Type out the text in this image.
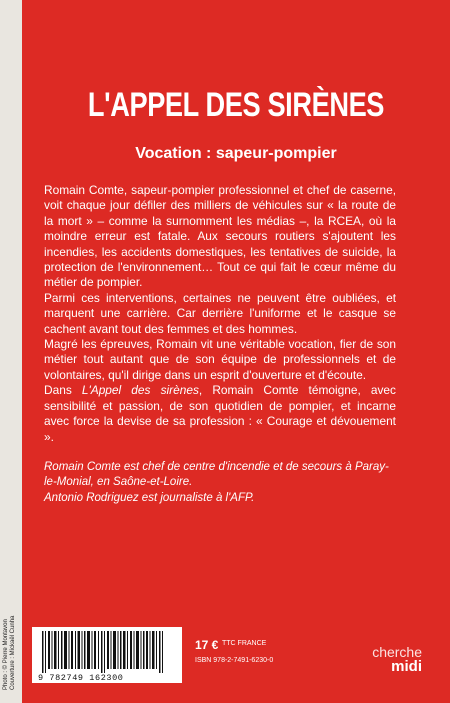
L'APPEL DES SIRÈNES
Vocation : sapeur-pompier

Romain Comte, sapeur-pompier professionnel et chef de caserne, voit chaque jour défiler des milliers de véhicules sur « la route de la mort » – comme la surnomment les médias –, la RCEA, où la moindre erreur est fatale. Aux secours routiers s'ajoutent les incendies, les accidents domestiques, les tentatives de suicide, la protection de l'environnement… Tout ce qui fait le cœur même du métier de pompier.

Parmi ces interventions, certaines ne peuvent être oubliées, et marquent une carrière. Car derrière l'uniforme et le casque se cachent avant tout des femmes et des hommes.

Magré les épreuves, Romain vit une véritable vocation, fier de son métier tout autant que de son équipe de professionnels et de volontaires, qu'il dirige dans un esprit d'ouverture et d'écoute.

Dans L'Appel des sirènes, Romain Comte témoigne, avec sensibilité et passion, de son quotidien de pompier, et incarne avec force la devise de sa profession : « Courage et dévouement ».

Romain Comte est chef de centre d'incendie et de secours à Paray-le-Monial, en Saône-et-Loire.

Antonio Rodriguez est journaliste à l'AFP.

9 782749 162300
17 € TTC FRANCE
ISBN 978-2-7491-6230-0
cherche
midi
Photo : © Pierre Montavon Couverture : Mickaël Cunha
